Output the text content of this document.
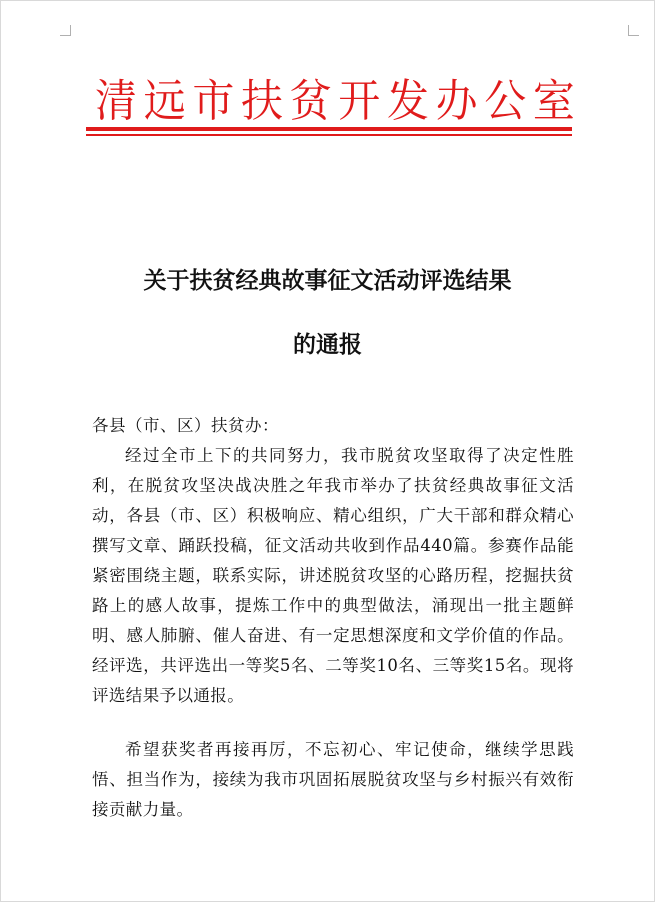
清 远 市 扶 贫 开 发 办 公 室
关于扶贫经典故事征文活动评选结果
的通报
各县（市、区）扶贫办：

经过全市上下的共同努力，我市脱贫攻坚取得了决定性胜利，在脱贫攻坚决战决胜之年我市举办了扶贫经典故事征文活动，各县（市、区）积极响应、精心组织，广大干部和群众精心撰写文章、踊跃投稿，征文活动共收到作品440篇。参赛作品能紧密围绕主题，联系实际，讲述脱贫攻坚的心路历程，挖掘扶贫路上的感人故事，提炼工作中的典型做法，涌现出一批主题鲜明、感人肺腑、催人奋进、有一定思想深度和文学价值的作品。经评选，共评选出一等奖5名、二等奖10名、三等奖15名。现将评选结果予以通报。

希望获奖者再接再厉，不忘初心、牢记使命，继续学思践悟、担当作为，接续为我市巩固拓展脱贫攻坚与乡村振兴有效衔接贡献力量。
